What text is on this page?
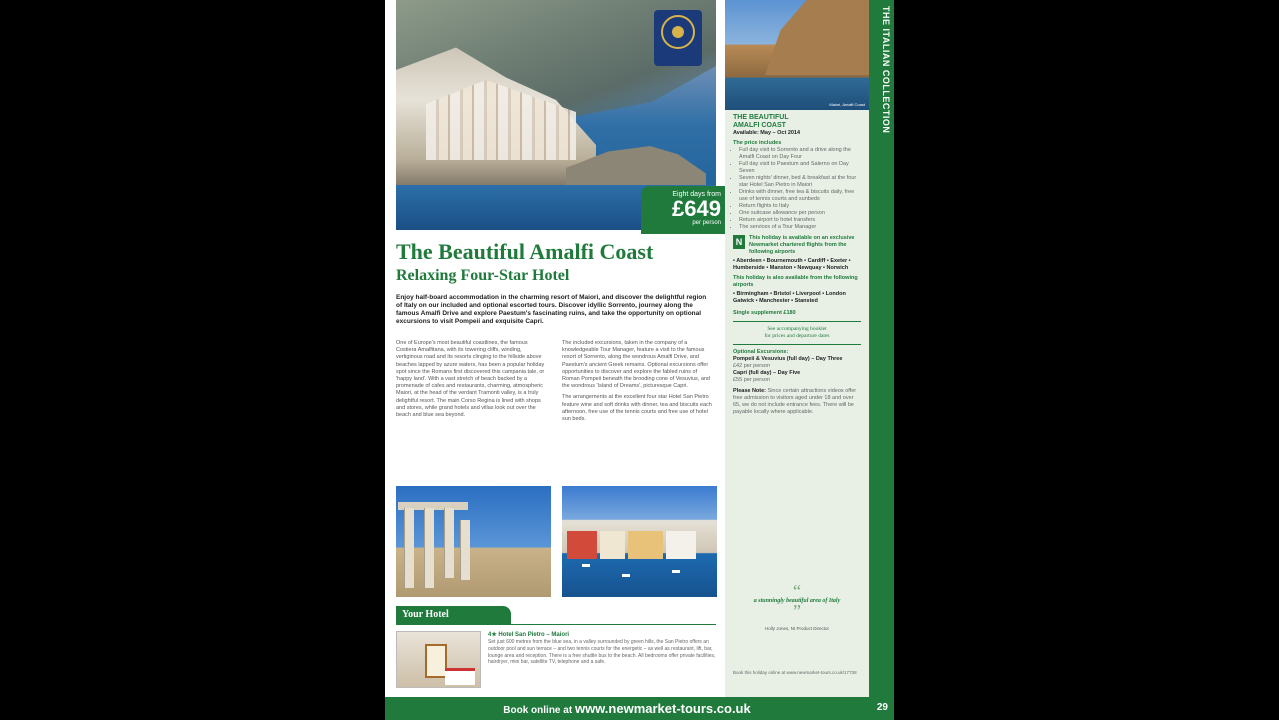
Eight days from
£649
per person
The Beautiful Amalfi Coast
Relaxing Four-Star Hotel

Enjoy half-board accommodation in the charming resort of Maiori, and discover the delightful region of Italy on our included and optional escorted tours. Discover idyllic Sorrento, journey along the famous Amalfi Drive and explore Paestum's fascinating ruins, and take the opportunity on optional excursions to visit Pompeii and exquisite Capri.

One of Europe's most beautiful coastlines, the famous Costiera Amalfitana, with its towering cliffs, winding, vertiginous road and its resorts clinging to the hillside above beaches lapped by azure waters, has been a popular holiday spot since the Romans first discovered this campania tale, or 'happy land'. With a vast stretch of beach backed by a promenade of cafes and restaurants, charming, atmospheric Maiori, at the head of the verdant Tramonti valley, is a truly delightful resort. The main Corso Regina is lined with shops and stores, while grand hotels and villas look out over the beach and blue sea beyond.

The included excursions, taken in the company of a knowledgeable Tour Manager, feature a visit to the famous resort of Sorrento, along the wondrous Amalfi Drive, and Paestum's ancient Greek remains. Optional excursions offer opportunities to discover and explore the fabled ruins of Roman Pompeii beneath the brooding cone of Vesuvius, and the wondrous 'Island of Dreams', picturesque Capri.

The arrangements at the excellent four star Hotel San Pietro feature wine and soft drinks with dinner, tea and biscuits each afternoon, free use of the tennis courts and free use of hotel sun beds.

Your Hotel
4★ Hotel San Pietro – Maiori

Set just 600 metres from the blue sea, in a valley surrounded by green hills, the San Pietro offers an outdoor pool and sun terrace – and two tennis courts for the energetic – as well as restaurant, lift, bar, lounge area and reception. There is a free shuttle bus to the beach. All bedrooms offer private facilities, hairdryer, mini bar, satellite TV, telephone and a safe.

Maiori, Amalfi Coast
THE BEAUTIFUL
AMALFI COAST
Available: May – Oct 2014
The price includes
• Full day visit to Sorrento and a drive along the Amalfi Coast on Day Four
• Full day visit to Paestum and Salerno on Day Seven
• Seven nights' dinner, bed & breakfast at the four star Hotel San Pietro in Maiori
• Drinks with dinner, free tea & biscuits daily, free use of tennis courts and sunbeds
• Return flights to Italy
• One suitcase allowance per person
• Return airport to hotel transfers
• The services of a Tour Manager
N	This holiday is available on an exclusive Newmarket chartered flights from the following airports
• Aberdeen • Bournemouth • Cardiff • Exeter • Humberside • Manston • Newquay • Norwich
This holiday is also available from the following airports
• Birmingham • Bristol • Liverpool • London Gatwick • Manchester • Stansted
Single supplement £180
See accompanying booklet
for prices and departure dates
Optional Excursions:
Pompeii & Vesuvius (full day) – Day Three
£42 per person
Capri (full day) – Day Five
£55 per person
Please Note: Since certain attractions videos offer free admission to visitors aged under 18 and over 65, we do not include entrance fees. There will be payable locally where applicable.
“
a stunningly beautiful area of Italy
”
Holly Jones, NI Product Director
Book this holiday online at www.newmarket-tours.co.uk/17738
THE ITALIAN COLLECTION
Book online at www.newmarket-tours.co.uk	29
